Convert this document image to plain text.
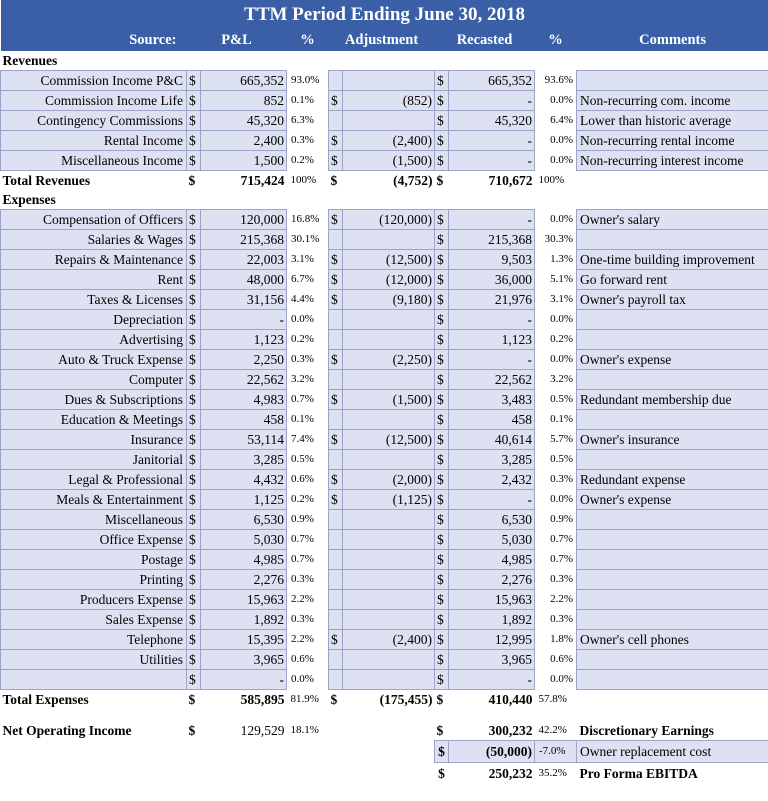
TTM Period Ending June 30, 2018									
Source:	P&L		%	Adjustment		Recasted		%	Comments
Revenues									
Commission Income P&C	$	665,352	93.0%			$	665,352	93.6%	
Commission Income Life	$	852	0.1%	$	(852)	$	-	0.0%	Non-recurring com. income
Contingency Commissions	$	45,320	6.3%			$	45,320	6.4%	Lower than historic average
Rental Income	$	2,400	0.3%	$	(2,400)	$	-	0.0%	Non-recurring rental income
Miscellaneous Income	$	1,500	0.2%	$	(1,500)	$	-	0.0%	Non-recurring interest income
Total Revenues	$	715,424	100%	$	(4,752)	$	710,672	100%	
Expenses									
Compensation of Officers	$	120,000	16.8%	$	(120,000)	$	-	0.0%	Owner's salary
Salaries & Wages	$	215,368	30.1%			$	215,368	30.3%	
Repairs & Maintenance	$	22,003	3.1%	$	(12,500)	$	9,503	1.3%	One-time building improvement
Rent	$	48,000	6.7%	$	(12,000)	$	36,000	5.1%	Go forward rent
Taxes & Licenses	$	31,156	4.4%	$	(9,180)	$	21,976	3.1%	Owner's payroll tax
Depreciation	$	-	0.0%			$	-	0.0%	
Advertising	$	1,123	0.2%			$	1,123	0.2%	
Auto & Truck Expense	$	2,250	0.3%	$	(2,250)	$	-	0.0%	Owner's expense
Computer	$	22,562	3.2%			$	22,562	3.2%	
Dues & Subscriptions	$	4,983	0.7%	$	(1,500)	$	3,483	0.5%	Redundant membership due
Education & Meetings	$	458	0.1%			$	458	0.1%	
Insurance	$	53,114	7.4%	$	(12,500)	$	40,614	5.7%	Owner's insurance
Janitorial	$	3,285	0.5%			$	3,285	0.5%	
Legal & Professional	$	4,432	0.6%	$	(2,000)	$	2,432	0.3%	Redundant expense
Meals & Entertainment	$	1,125	0.2%	$	(1,125)	$	-	0.0%	Owner's expense
Miscellaneous	$	6,530	0.9%			$	6,530	0.9%	
Office Expense	$	5,030	0.7%			$	5,030	0.7%	
Postage	$	4,985	0.7%			$	4,985	0.7%	
Printing	$	2,276	0.3%			$	2,276	0.3%	
Producers Expense	$	15,963	2.2%			$	15,963	2.2%	
Sales Expense	$	1,892	0.3%			$	1,892	0.3%	
Telephone	$	15,395	2.2%	$	(2,400)	$	12,995	1.8%	Owner's cell phones
Utilities	$	3,965	0.6%			$	3,965	0.6%	
	$	-	0.0%			$	-	0.0%	
Total Expenses	$	585,895	81.9%	$	(175,455)	$	410,440	57.8%	

Net Operating Income	$	129,529	18.1%			$	300,232	42.2%	Discretionary Earnings
						$	(50,000)	-7.0%	Owner replacement cost
						$	250,232	35.2%	Pro Forma EBITDA
